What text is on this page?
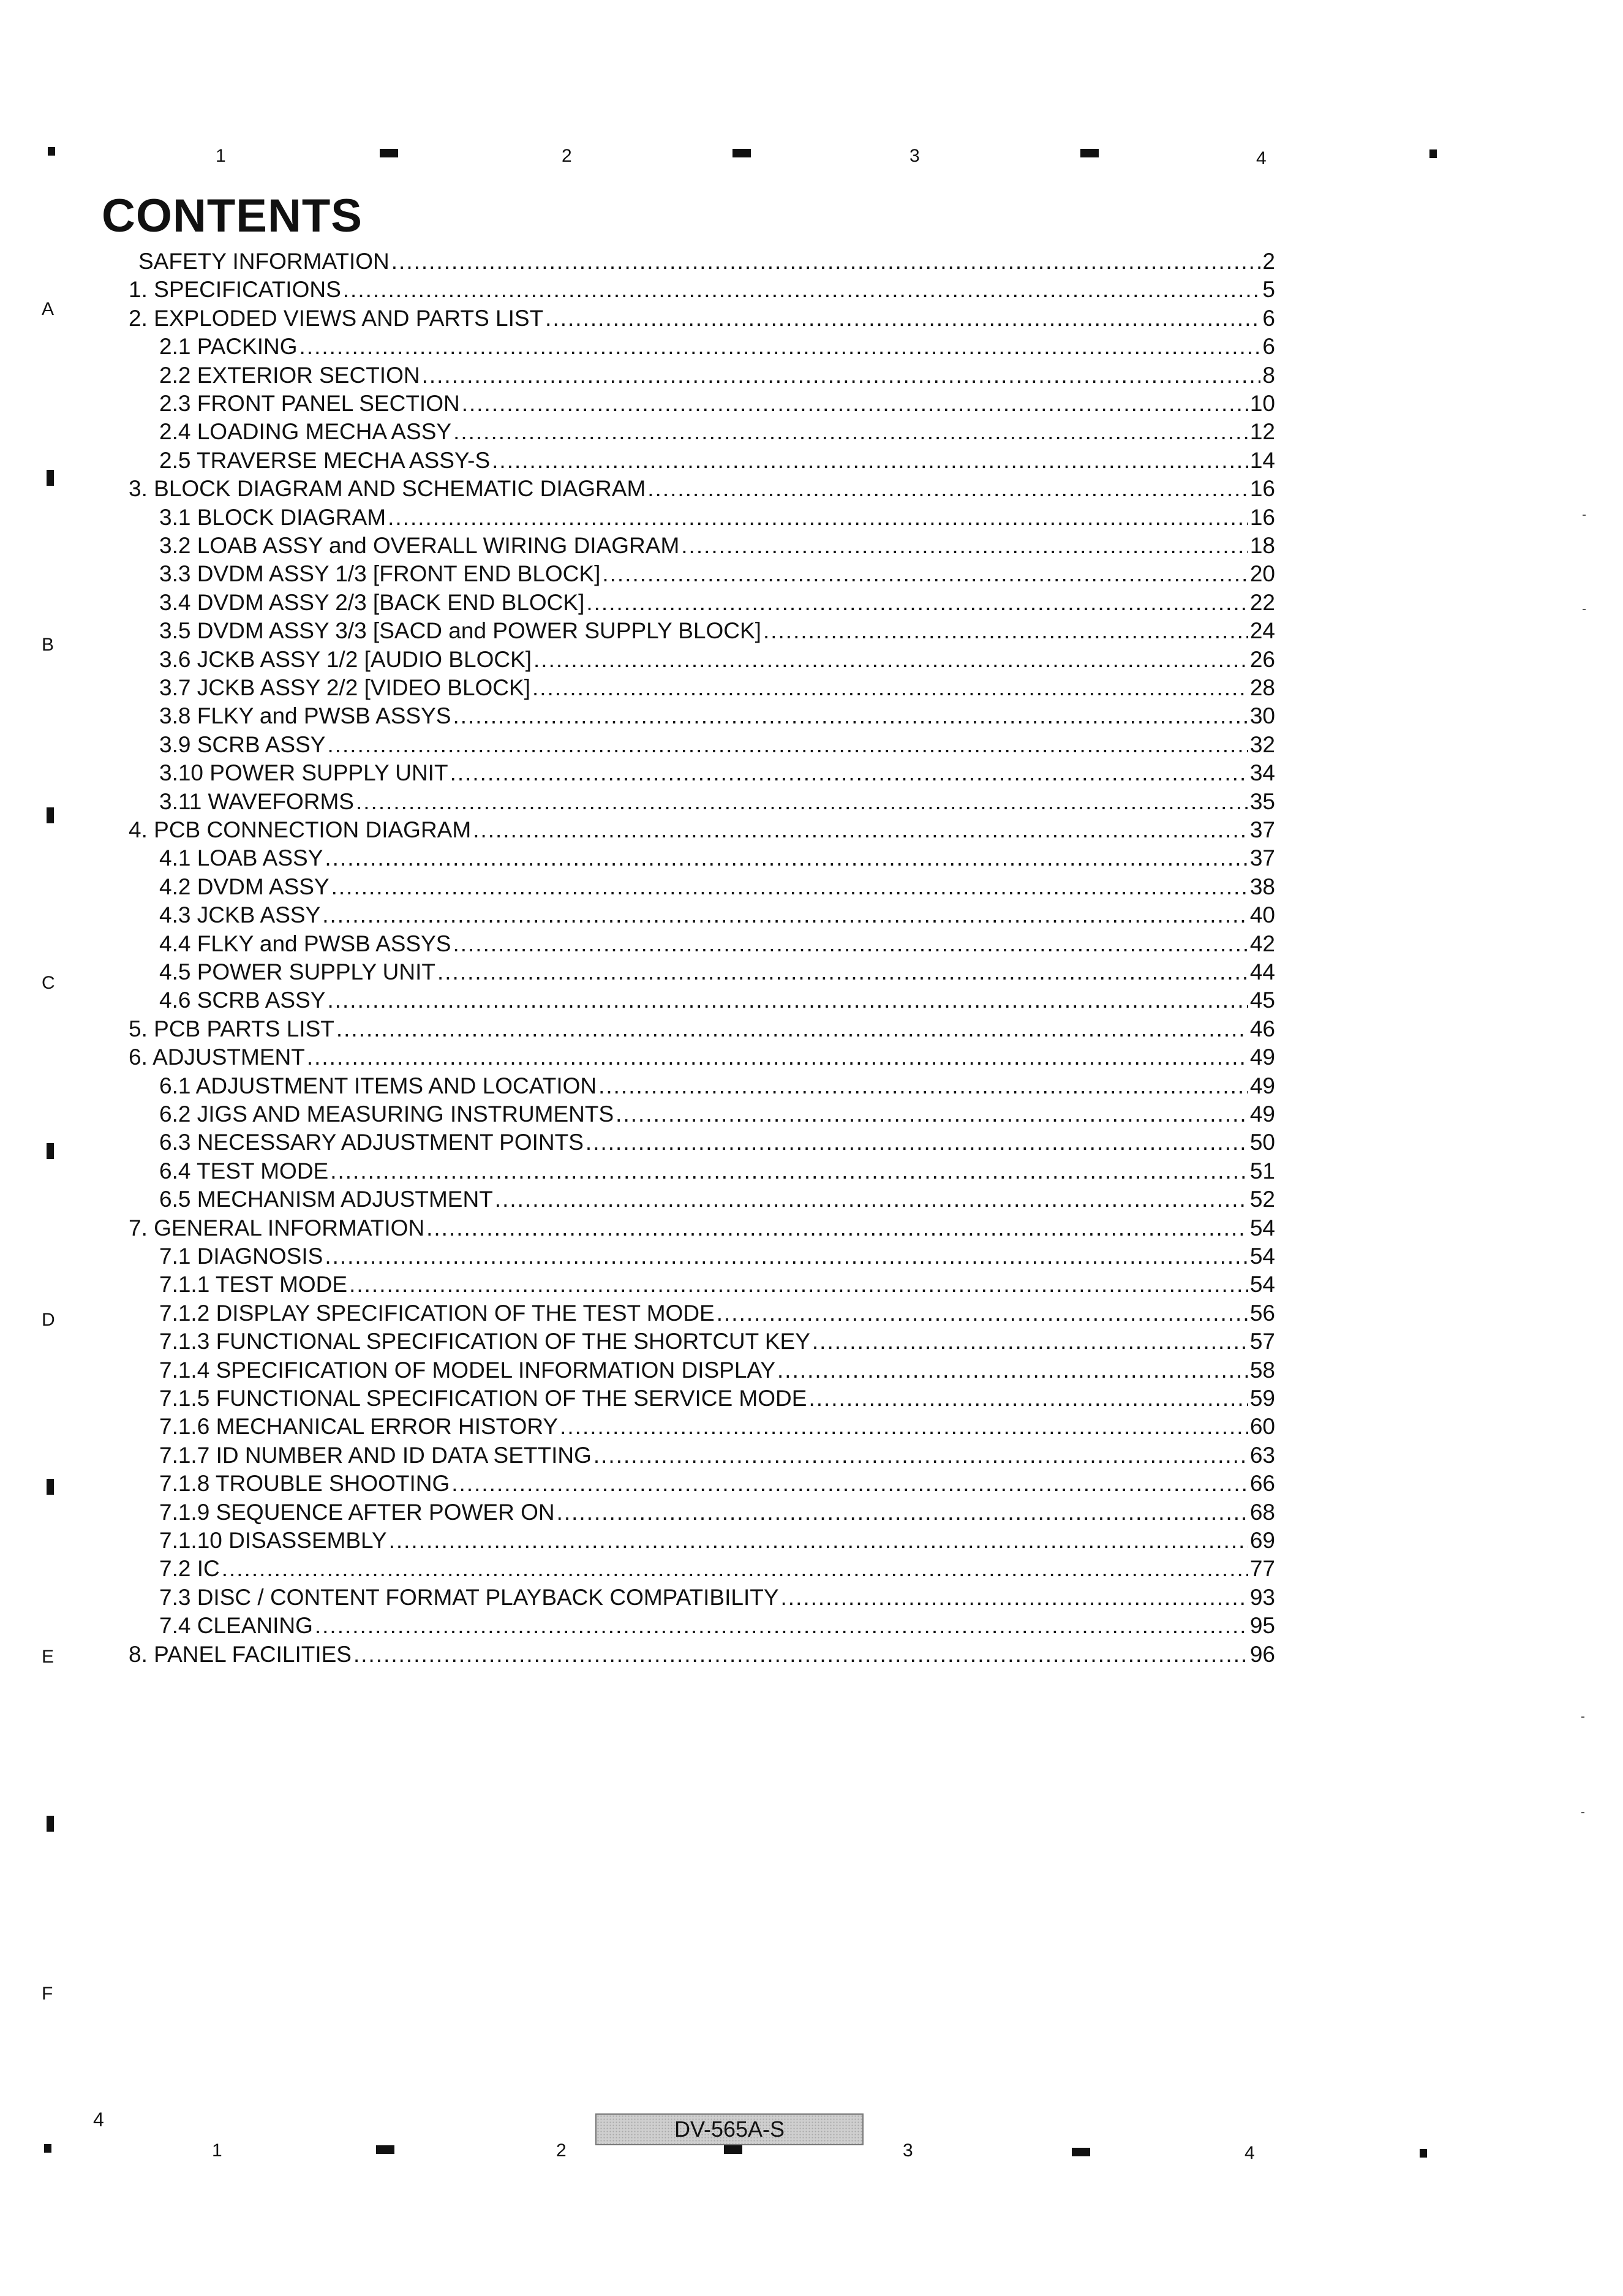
1	2	3	4
A
B
C
D
E
F
CONTENTS
SAFETY INFORMATION .....	2
1. SPECIFICATIONS .....	5
2. EXPLODED VIEWS AND PARTS LIST .....	6
2.1 PACKING .....	6
2.2 EXTERIOR SECTION .....	8
2.3 FRONT PANEL SECTION .....	10
2.4 LOADING MECHA ASSY .....	12
2.5 TRAVERSE MECHA ASSY-S .....	14
3. BLOCK DIAGRAM AND SCHEMATIC DIAGRAM .....	16
3.1 BLOCK DIAGRAM .....	16
3.2 LOAB ASSY and OVERALL WIRING DIAGRAM .....	18
3.3 DVDM ASSY 1/3 [FRONT END BLOCK] .....	20
3.4 DVDM ASSY 2/3 [BACK END BLOCK] .....	22
3.5 DVDM ASSY 3/3 [SACD and POWER SUPPLY BLOCK] .....	24
3.6 JCKB ASSY 1/2 [AUDIO BLOCK] .....	26
3.7 JCKB ASSY 2/2 [VIDEO BLOCK] .....	28
3.8 FLKY and PWSB ASSYS .....	30
3.9 SCRB ASSY .....	32
3.10 POWER SUPPLY UNIT .....	34
3.11 WAVEFORMS .....	35
4. PCB CONNECTION DIAGRAM .....	37
4.1 LOAB ASSY .....	37
4.2 DVDM ASSY .....	38
4.3 JCKB ASSY .....	40
4.4 FLKY and PWSB ASSYS .....	42
4.5 POWER SUPPLY UNIT .....	44
4.6 SCRB ASSY .....	45
5. PCB PARTS LIST .....	46
6. ADJUSTMENT .....	49
6.1 ADJUSTMENT ITEMS AND LOCATION .....	49
6.2 JIGS AND MEASURING INSTRUMENTS .....	49
6.3 NECESSARY ADJUSTMENT POINTS .....	50
6.4 TEST MODE .....	51
6.5 MECHANISM ADJUSTMENT .....	52
7. GENERAL INFORMATION .....	54
7.1 DIAGNOSIS .....	54
7.1.1 TEST MODE .....	54
7.1.2 DISPLAY SPECIFICATION OF THE TEST MODE .....	56
7.1.3 FUNCTIONAL SPECIFICATION OF THE SHORTCUT KEY .....	57
7.1.4 SPECIFICATION OF MODEL INFORMATION DISPLAY .....	58
7.1.5 FUNCTIONAL SPECIFICATION OF THE SERVICE MODE .....	59
7.1.6 MECHANICAL ERROR HISTORY .....	60
7.1.7 ID NUMBER AND ID DATA SETTING .....	63
7.1.8 TROUBLE SHOOTING .....	66
7.1.9 SEQUENCE AFTER POWER ON .....	68
7.1.10 DISASSEMBLY .....	69
7.2 IC .....	77
7.3 DISC / CONTENT FORMAT PLAYBACK COMPATIBILITY .....	93
7.4 CLEANING .....	95
8. PANEL FACILITIES .....	96
4	DV-565A-S
1	2	3	4
